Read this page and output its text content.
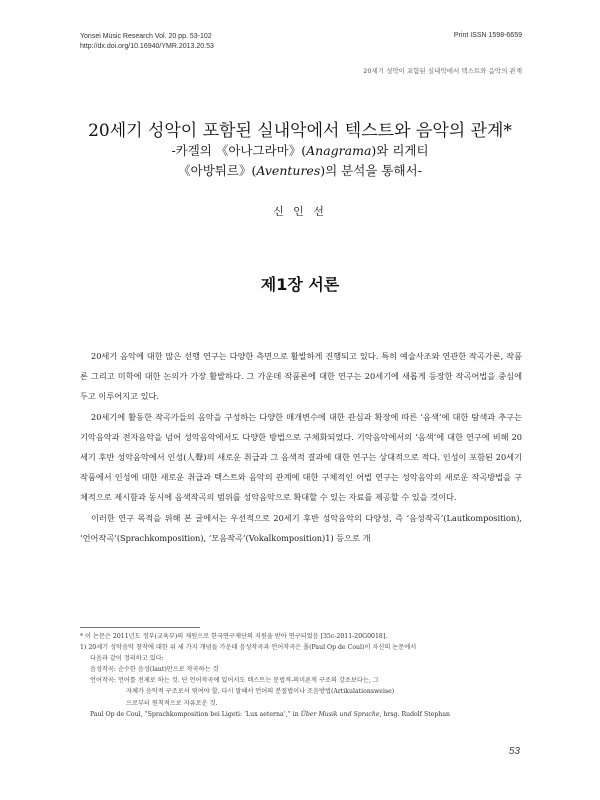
Yonsei Music Research Vol. 20 pp. 53-102
http://dx.doi.org/10.16940/YMR.2013.20.53
Print ISSN 1598-6659
20세기 성악이 포함된 실내악에서 텍스트와 음악의 관계
20세기 성악이 포함된 실내악에서 텍스트와 음악의 관계*
-카겔의 《아나그라마》(Anagrama)와 리게티
《아방튀르》(Aventures)의 분석을 통해서-
신 인 선
제1장 서론

20세기 음악에 대한 많은 선행 연구는 다양한 측면으로 활발하게 진행되고 있다. 특히 예술사조와 연관한 작곡가론, 작품론 그리고 미학에 대한 논의가 가장 활발하다. 그 가운데 작품론에 대한 연구는 20세기에 새롭게 등장한 작곡어법을 중심에 두고 이루어지고 있다.

20세기에 활동한 작곡가들의 음악을 구성하는 다양한 매개변수에 대한 관심과 확장에 따른 ‘음색’에 대한 탐색과 추구는 기악음악과 전자음악을 넘어 성악음악에서도 다양한 방법으로 구체화되었다. 기악음악에서의 ‘음색’에 대한 연구에 비해 20세기 후반 성악음악에서 인성(人聲)의 새로운 취급과 그 음색적 결과에 대한 연구는 상대적으로 적다. 인성이 포함된 20세기 작품에서 인성에 대한 새로운 취급과 텍스트와 음악의 관계에 대한 구체적인 어법 연구는 성악음악의 새로운 작곡방법을 구체적으로 제시함과 동시에 음색작곡의 범위를 성악음악으로 확대할 수 있는 자료를 제공할 수 있을 것이다.

이러한 연구 목적을 위해 본 글에서는 우선적으로 20세기 후반 성악음악의 다양성, 즉 ‘음성작곡’(Lautkomposition), ‘언어작곡’(Sprachkomposition), ‘모음작곡’(Vokalkomposition)1) 등으로 개

* 이 논문은 2011년도 정부(교육부)의 재원으로 한국연구재단의 지원을 받아 연구되었음 [35c-2011-20G0018].
1) 20세기 성악음악 창작에 대한 위 세 가지 개념들 가운데 음성작곡과 언어작곡은 폴(Paul Op de Coul)이 자신의 논문에서
다음과 같이 정리하고 있다:
음성작곡: 순수한 음성(laut)만으로 작곡하는 것
언어작곡: 언어를 전제로 하는 것. 단 언어작곡에 있어서도 텍스트는 문법적-의미론적 구조의 강조보다는, 그
자체가 음악적 구조로서 엮여야 할. 다시 말해서 언어의 분절법이나 조음방법(Artikulationsweise)
으로부터 원칙적으로 자유로운 것.
Paul Op de Coul, “Sprachkomposition bei Ligeti: ‘Lux aeterna’,” in Über Musik und Sprache, hrsg. Rudolf Stephan
53
